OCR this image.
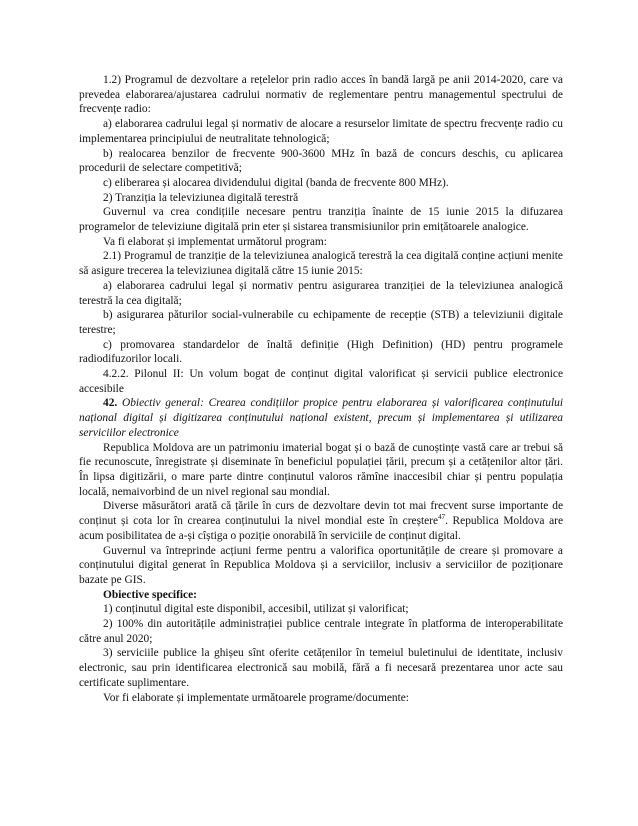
1.2) Programul de dezvoltare a rețelelor prin radio acces în bandă largă pe anii 2014-2020, care va prevedea elaborarea/ajustarea cadrului normativ de reglementare pentru managementul spectrului de frecvențe radio:

a) elaborarea cadrului legal și normativ de alocare a resurselor limitate de spectru frecvențe radio cu implementarea principiului de neutralitate tehnologică;

b) realocarea benzilor de frecvente 900-3600 MHz în bază de concurs deschis, cu aplicarea procedurii de selectare competitivă;

c) eliberarea și alocarea dividendului digital (banda de frecvente 800 MHz).

2) Tranziția la televiziunea digitală terestră

Guvernul va crea condițiile necesare pentru tranziția înainte de 15 iunie 2015 la difuzarea programelor de televiziune digitală prin eter și sistarea transmisiunilor prin emițătoarele analogice.

Va fi elaborat și implementat următorul program:

2.1) Programul de tranziție de la televiziunea analogică terestră la cea digitală conține acțiuni menite să asigure trecerea la televiziunea digitală către 15 iunie 2015:

a) elaborarea cadrului legal și normativ pentru asigurarea tranziției de la televiziunea analogică terestră la cea digitală;

b) asigurarea păturilor social-vulnerabile cu echipamente de recepție (STB) a televiziunii digitale terestre;

c) promovarea standardelor de înaltă definiție (High Definition) (HD) pentru programele radiodifuzorilor locali.

4.2.2. Pilonul II: Un volum bogat de conținut digital valorificat și servicii publice electronice accesibile

42. Obiectiv general: Crearea condițiilor propice pentru elaborarea și valorificarea conținutului național digital și digitizarea conținutului național existent, precum și implementarea și utilizarea serviciilor electronice

Republica Moldova are un patrimoniu imaterial bogat și o bază de cunoștințe vastă care ar trebui să fie recunoscute, înregistrate și diseminate în beneficiul populației țării, precum și a cetățenilor altor țări. În lipsa digitizării, o mare parte dintre conținutul valoros rămîne inaccesibil chiar și pentru populația locală, nemaivorbind de un nivel regional sau mondial.

Diverse măsurători arată că țările în curs de dezvoltare devin tot mai frecvent surse importante de conținut și cota lor în crearea conținutului la nivel mondial este în creștere$^{47}$. Republica Moldova are acum posibilitatea de a-și cîștiga o poziție onorabilă în serviciile de conținut digital.

Guvernul va întreprinde acțiuni ferme pentru a valorifica oportunitățile de creare și promovare a conținutului digital generat în Republica Moldova și a serviciilor, inclusiv a serviciilor de poziționare bazate pe GIS.

Obiective specifice:

1) conținutul digital este disponibil, accesibil, utilizat și valorificat;

2) 100% din autoritățile administrației publice centrale integrate în platforma de interoperabilitate către anul 2020;

3) serviciile publice la ghișeu sînt oferite cetățenilor în temeiul buletinului de identitate, inclusiv electronic, sau prin identificarea electronică sau mobilă, fără a fi necesară prezentarea unor acte sau certificate suplimentare.

Vor fi elaborate și implementate următoarele programe/documente:
